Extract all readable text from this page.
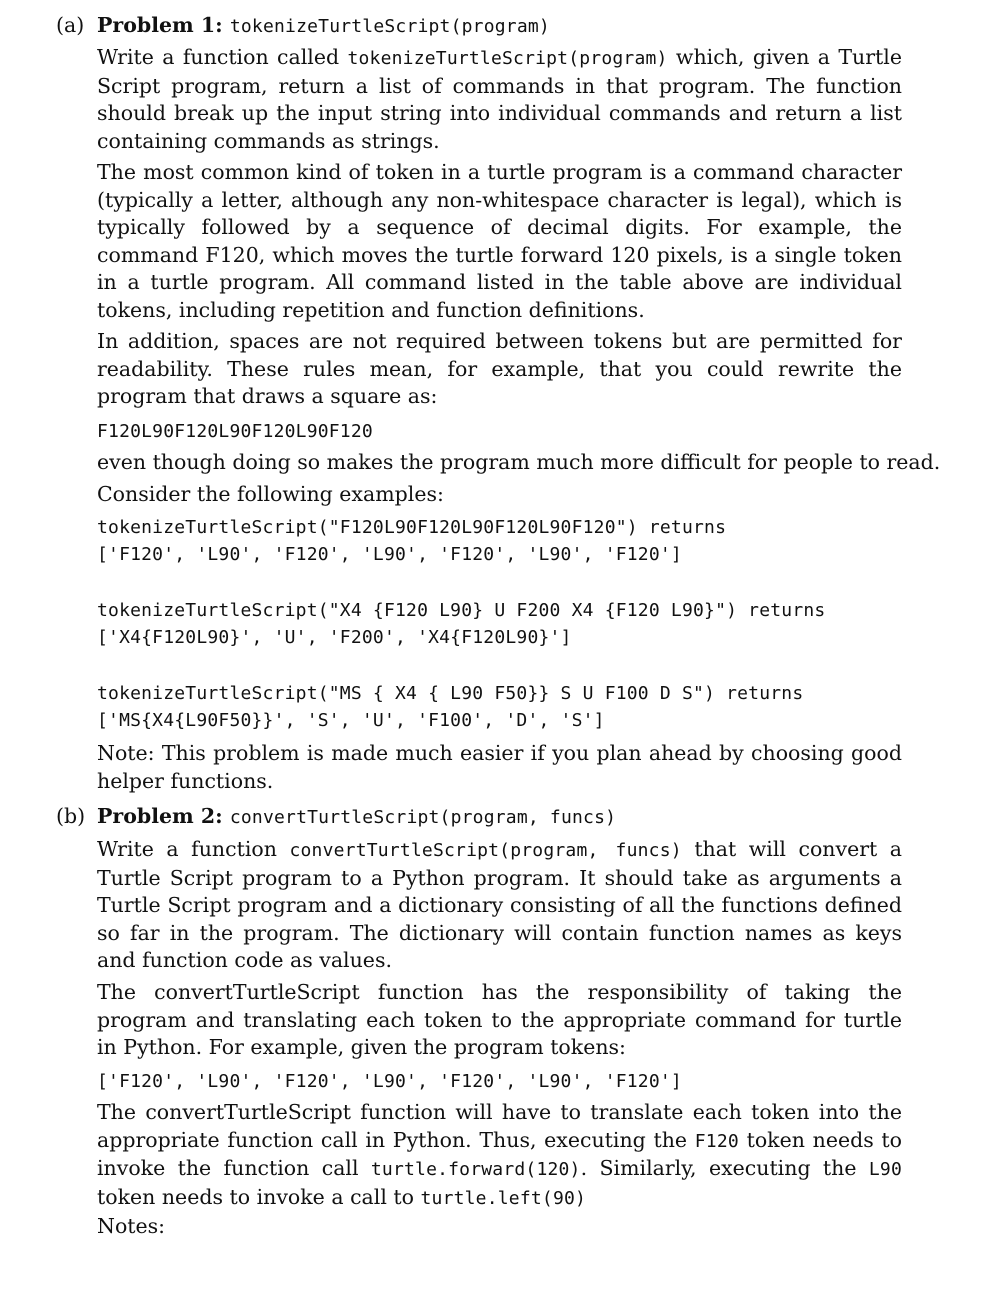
(a) Problem 1: tokenizeTurtleScript(program)

Write a function called tokenizeTurtleScript(program) which, given a Turtle Script program, return a list of commands in that program. The function should break up the input string into individual commands and return a list containing commands as strings.

The most common kind of token in a turtle program is a command character (typically a letter, although any non-whitespace character is legal), which is typically followed by a sequence of decimal digits. For example, the command F120, which moves the turtle forward 120 pixels, is a single token in a turtle program. All command listed in the table above are individual tokens, including repetition and function definitions.

In addition, spaces are not required between tokens but are permitted for readability. These rules mean, for example, that you could rewrite the program that draws a square as:

F120L90F120L90F120L90F120
even though doing so makes the program much more difficult for people to read.
Consider the following examples:
tokenizeTurtleScript("F120L90F120L90F120L90F120") returns
['F120', 'L90', 'F120', 'L90', 'F120', 'L90', 'F120']
tokenizeTurtleScript("X4 {F120 L90} U F200 X4 {F120 L90}") returns
['X4{F120L90}', 'U', 'F200', 'X4{F120L90}']
tokenizeTurtleScript("MS { X4 { L90 F50}} S U F100 D S") returns
['MS{X4{L90F50}}', 'S', 'U', 'F100', 'D', 'S']

Note: This problem is made much easier if you plan ahead by choosing good helper functions.

(b) Problem 2: convertTurtleScript(program, funcs)

Write a function convertTurtleScript(program, funcs) that will convert a Turtle Script program to a Python program. It should take as arguments a Turtle Script program and a dictionary consisting of all the functions defined so far in the program. The dictionary will contain function names as keys and function code as values.

The convertTurtleScript function has the responsibility of taking the program and translating each token to the appropriate command for turtle in Python. For example, given the program tokens:

['F120', 'L90', 'F120', 'L90', 'F120', 'L90', 'F120']

The convertTurtleScript function will have to translate each token into the appropriate function call in Python. Thus, executing the F120 token needs to invoke the function call turtle.forward(120). Similarly, executing the L90 token needs to invoke a call to turtle.left(90)

Notes:
